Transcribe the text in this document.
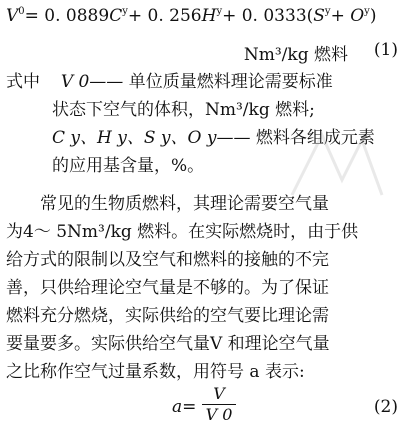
$V^0= 0$. $0889C^y+ 0$. $256H^y+ 0$. $0333(S^y+ O^y)$
Nm³/kg 燃料 (1)
式中 V 0—— 单位质量燃料理论需要标准
状态下空气的体积，Nm³/kg 燃料;
C y、H y、S y、O y—— 燃料各组成元素
的应用基含量，%。
常见的生物质燃料，其理论需要空气量
为4～ 5Nm³/kg 燃料。在实际燃烧时，由于供
给方式的限制以及空气和燃料的接触的不完
善，只供给理论空气量是不够的。为了保证
燃料充分燃烧，实际供给的空气要比理论需
要量要多。实际供给空气量V 和理论空气量
之比称作空气过量系数，用符号 a 表示:
a=
V
V 0	(2)
